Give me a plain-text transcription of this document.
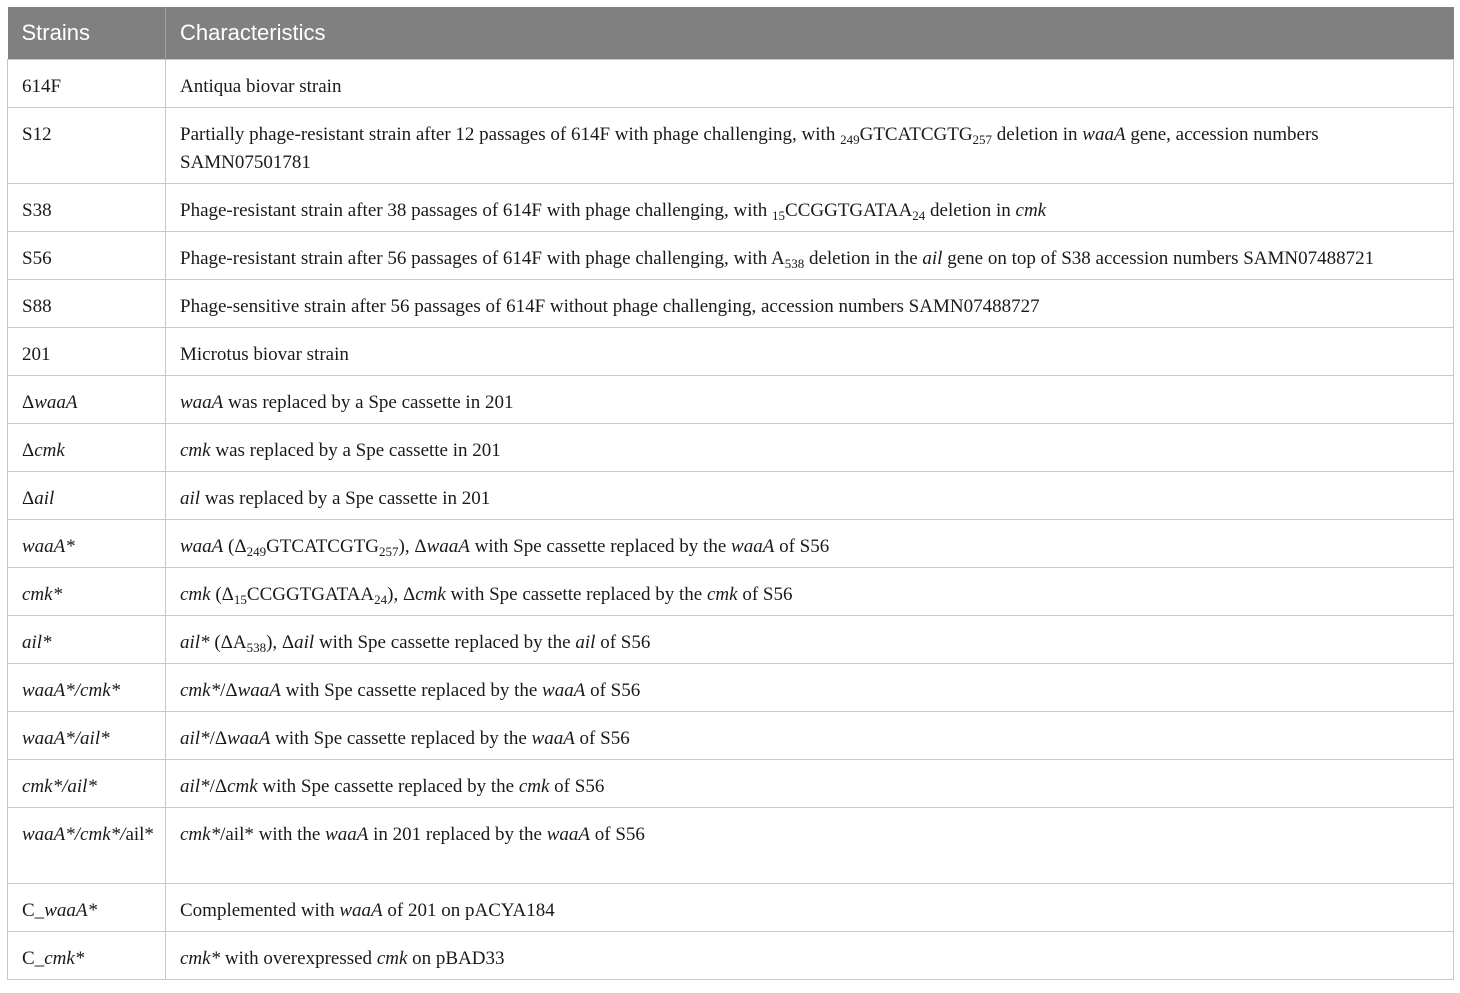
Strains	Characteristics
614F	Antiqua biovar strain
S12	Partially phage-resistant strain after 12 passages of 614F with phage challenging, with $_{249}GTCATCGTG_{257}$ deletion in waaA gene, accession numbers SAMN07501781
S38	Phage-resistant strain after 38 passages of 614F with phage challenging, with $_{15}CCGGTGATAA_{24}$ deletion in cmk
S56	Phage-resistant strain after 56 passages of 614F with phage challenging, with $A_{538}$ deletion in the ail gene on top of S38 accession numbers SAMN07488721
S88	Phage-sensitive strain after 56 passages of 614F without phage challenging, accession numbers SAMN07488727
201	Microtus biovar strain
ΔwaaA	waaA was replaced by a Spe cassette in 201
Δcmk	cmk was replaced by a Spe cassette in 201
Δail	ail was replaced by a Spe cassette in 201
waaA*	waaA $(\Delta_{249}GTCATCGTG_{257})$, ΔwaaA with Spe cassette replaced by the waaA of S56
cmk*	cmk $(\Delta_{15}CCGGTGATAA_{24})$, Δcmk with Spe cassette replaced by the cmk of S56
ail*	ail* $(\Delta A_{538})$, Δail with Spe cassette replaced by the ail of S56
waaA*/cmk*	cmk*/ΔwaaA with Spe cassette replaced by the waaA of S56
waaA*/ail*	ail*/ΔwaaA with Spe cassette replaced by the waaA of S56
cmk*/ail*	ail*/Δcmk with Spe cassette replaced by the cmk of S56
waaA*/cmk*/ail*	cmk*/ail* with the waaA in 201 replaced by the waaA of S56
C_waaA*	Complemented with waaA of 201 on pACYA184
C_cmk*	cmk* with overexpressed cmk on pBAD33
